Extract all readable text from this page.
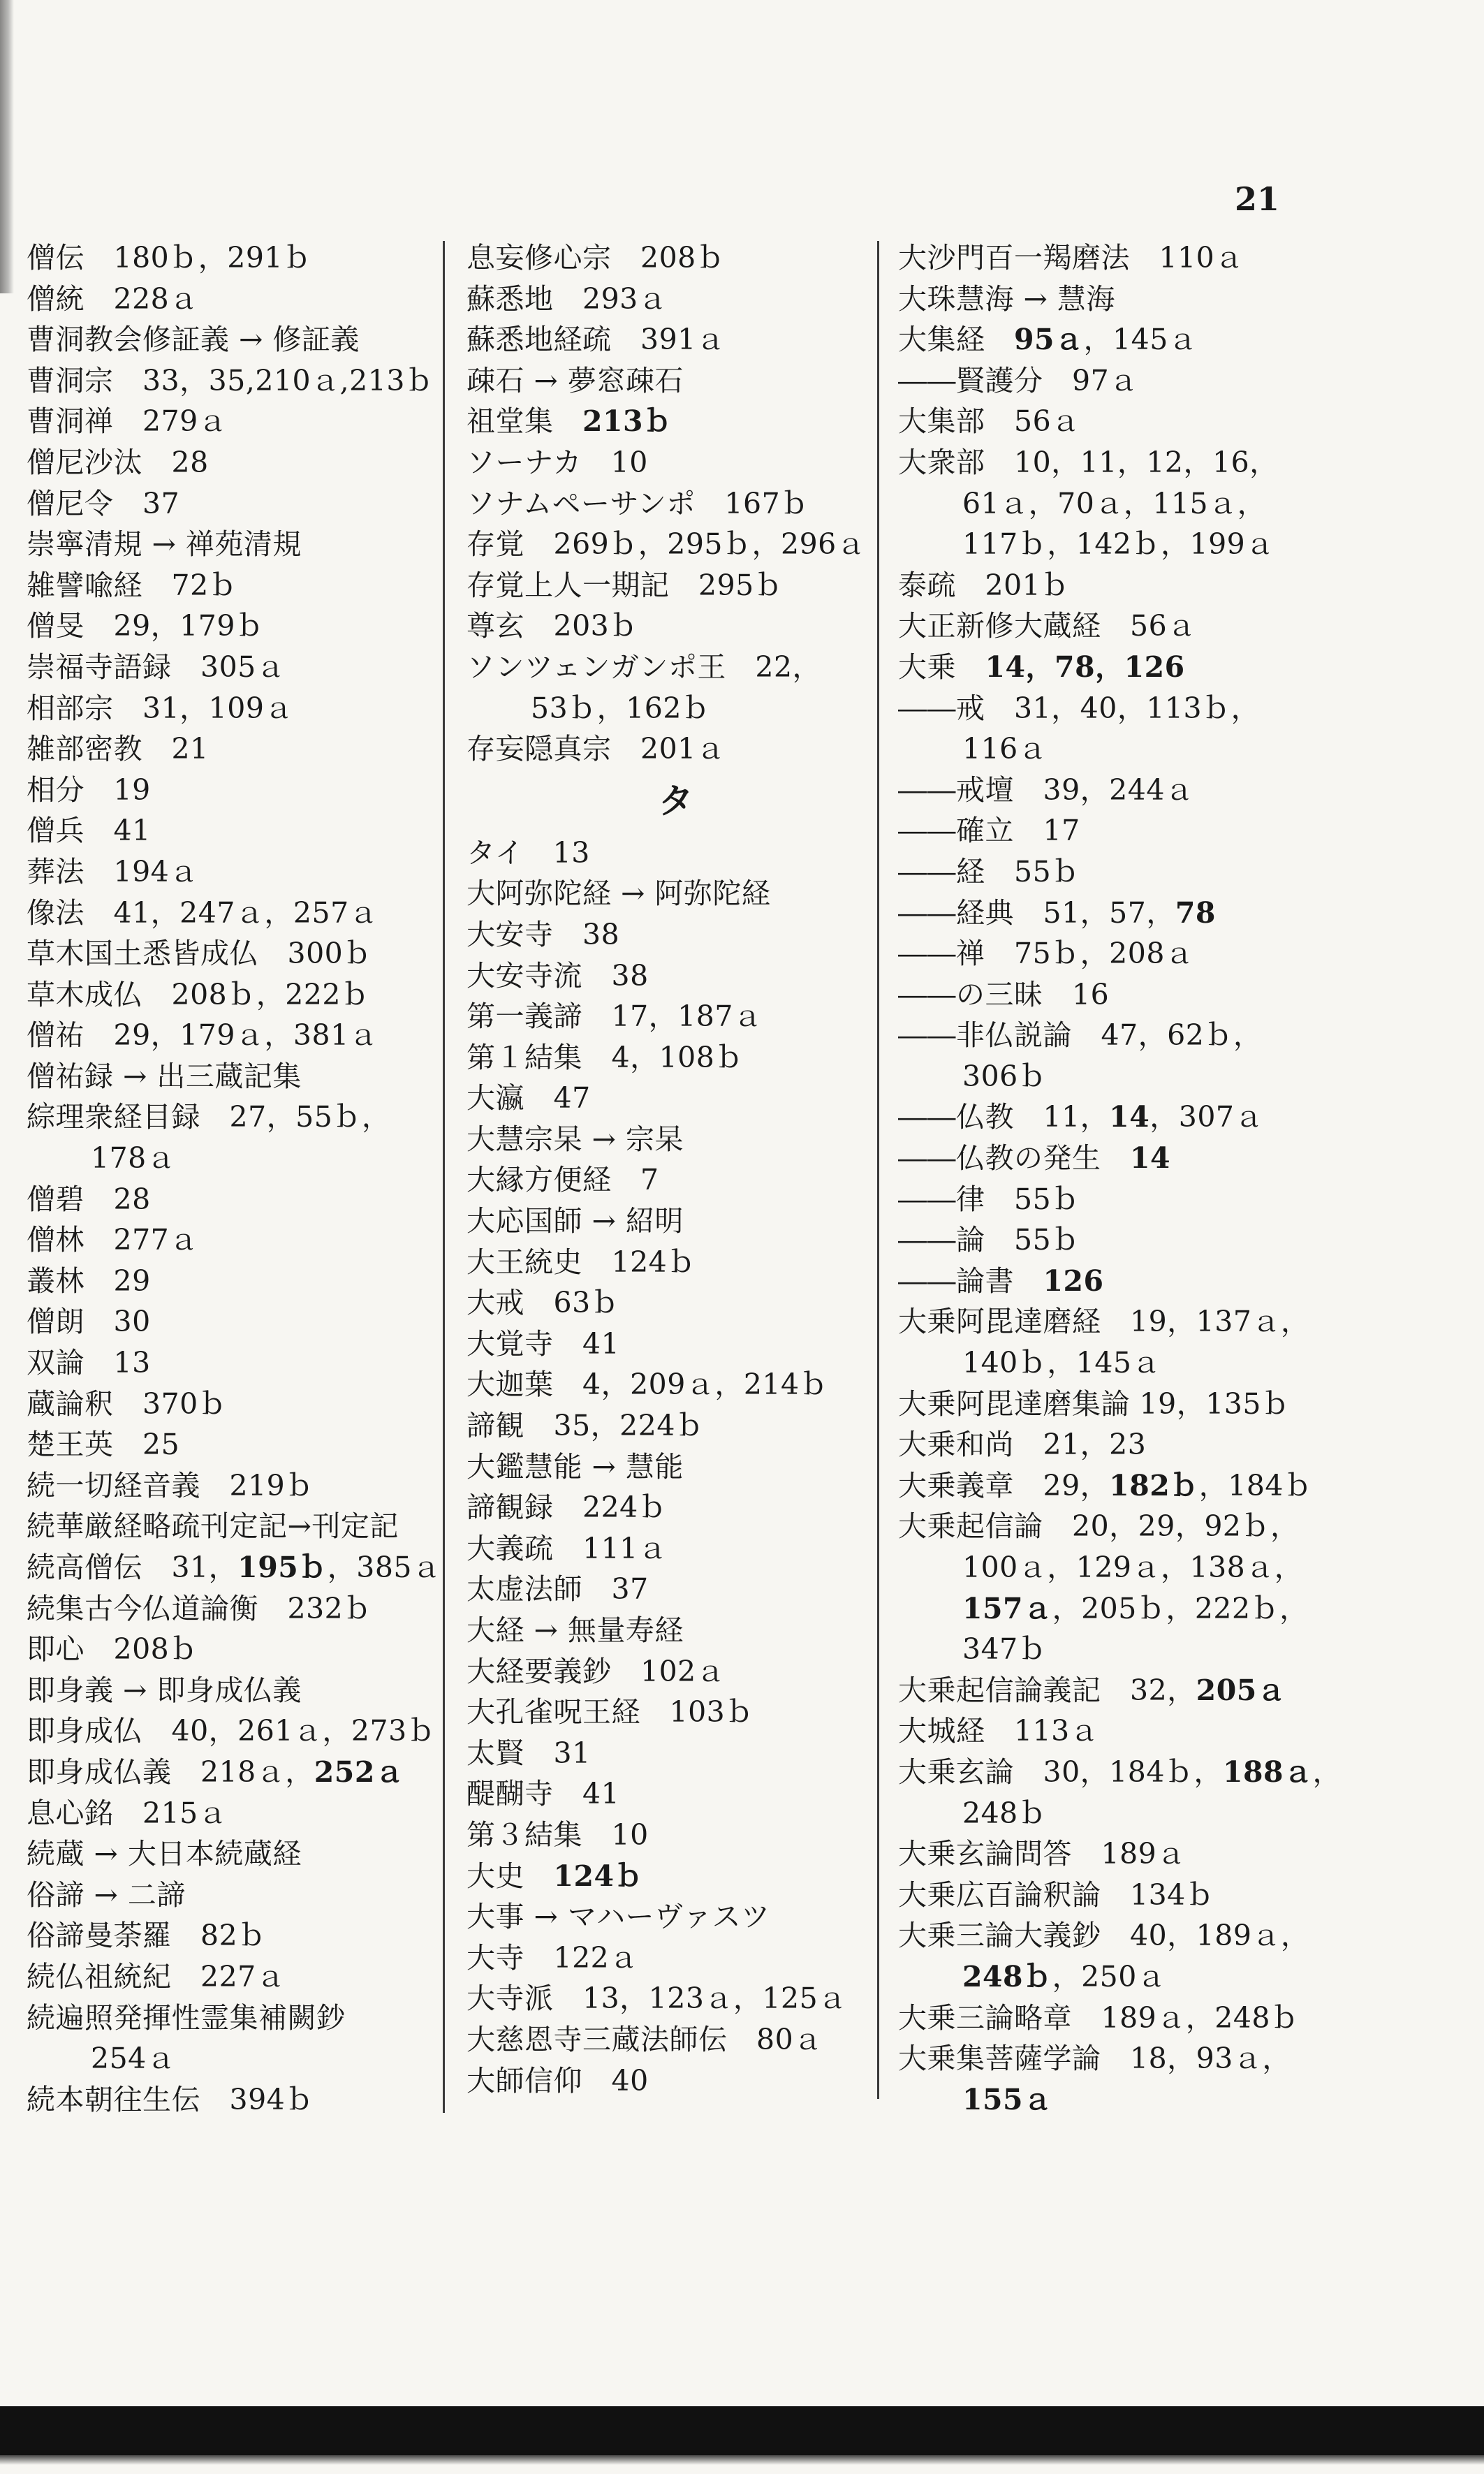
21
僧伝　180ｂ，291ｂ
僧統　228ａ
曹洞教会修証義 → 修証義
曹洞宗　33，35,210ａ,213ｂ
曹洞禅　279ａ
僧尼沙汰　28
僧尼令　37
崇寧清規 → 禅苑清規
雑譬喩経　72ｂ
僧旻　29，179ｂ
崇福寺語録　305ａ
相部宗　31，109ａ
雑部密教　21
相分　19
僧兵　41
葬法　194ａ
像法　41，247ａ，257ａ
草木国土悉皆成仏　300ｂ
草木成仏　208ｂ，222ｂ
僧祐　29，179ａ，381ａ
僧祐録 → 出三蔵記集
綜理衆経目録　27，55ｂ，
178ａ
僧碧　28
僧林　277ａ
叢林　29
僧朗　30
双論　13
蔵論釈　370ｂ
楚王英　25
続一切経音義　219ｂ
続華厳経略疏刊定記→刊定記
続高僧伝　31，195ｂ，385ａ
続集古今仏道論衡　232ｂ
即心　208ｂ
即身義 → 即身成仏義
即身成仏　40，261ａ，273ｂ
即身成仏義　218ａ，252ａ
息心銘　215ａ
続蔵 → 大日本続蔵経
俗諦 → 二諦
俗諦曼荼羅　82ｂ
続仏祖統紀　227ａ
続遍照発揮性霊集補闕鈔
254ａ
続本朝往生伝　394ｂ
息妄修心宗　208ｂ
蘇悉地　293ａ
蘇悉地経疏　391ａ
疎石 → 夢窓疎石
祖堂集　213ｂ
ソーナカ　10
ソナムペーサンポ　167ｂ
存覚　269ｂ，295ｂ，296ａ
存覚上人一期記　295ｂ
尊玄　203ｂ
ソンツェンガンポ王　22，
53ｂ，162ｂ
存妄隠真宗　201ａ
タ
タイ　13
大阿弥陀経 → 阿弥陀経
大安寺　38
大安寺流　38
第一義諦　17，187ａ
第１結集　4，108ｂ
大瀛　47
大慧宗杲 → 宗杲
大縁方便経　7
大応国師 → 紹明
大王統史　124ｂ
大戒　63ｂ
大覚寺　41
大迦葉　4，209ａ，214ｂ
諦観　35，224ｂ
大鑑慧能 → 慧能
諦観録　224ｂ
大義疏　111ａ
太虚法師　37
大経 → 無量寿経
大経要義鈔　102ａ
大孔雀呪王経　103ｂ
太賢　31
醍醐寺　41
第３結集　10
大史　124ｂ
大事 → マハーヴァスツ
大寺　122ａ
大寺派　13，123ａ，125ａ
大慈恩寺三蔵法師伝　80ａ
大師信仰　40
大沙門百一羯磨法　110ａ
大珠慧海 → 慧海
大集経　95ａ，145ａ
――賢護分　97ａ
大集部　56ａ
大衆部　10，11，12，16，
61ａ，70ａ，115ａ，
117ｂ，142ｂ，199ａ
泰疏　201ｂ
大正新修大蔵経　56ａ
大乗　14，78，126
――戒　31，40，113ｂ，
116ａ
――戒壇　39，244ａ
――確立　17
――経　55ｂ
――経典　51，57，78
――禅　75ｂ，208ａ
――の三昧　16
――非仏説論　47，62ｂ，
306ｂ
――仏教　11，14，307ａ
――仏教の発生　14
――律　55ｂ
――論　55ｂ
――論書　126
大乗阿毘達磨経　19，137ａ，
140ｂ，145ａ
大乗阿毘達磨集論 19，135ｂ
大乗和尚　21，23
大乗義章　29，182ｂ，184ｂ
大乗起信論　20，29，92ｂ，
100ａ，129ａ，138ａ，
157ａ，205ｂ，222ｂ，
347ｂ
大乗起信論義記　32，205ａ
大城経　113ａ
大乗玄論　30，184ｂ，188ａ，
248ｂ
大乗玄論問答　189ａ
大乗広百論釈論　134ｂ
大乗三論大義鈔　40，189ａ，
248ｂ，250ａ
大乗三論略章　189ａ，248ｂ
大乗集菩薩学論　18，93ａ，
155ａ
